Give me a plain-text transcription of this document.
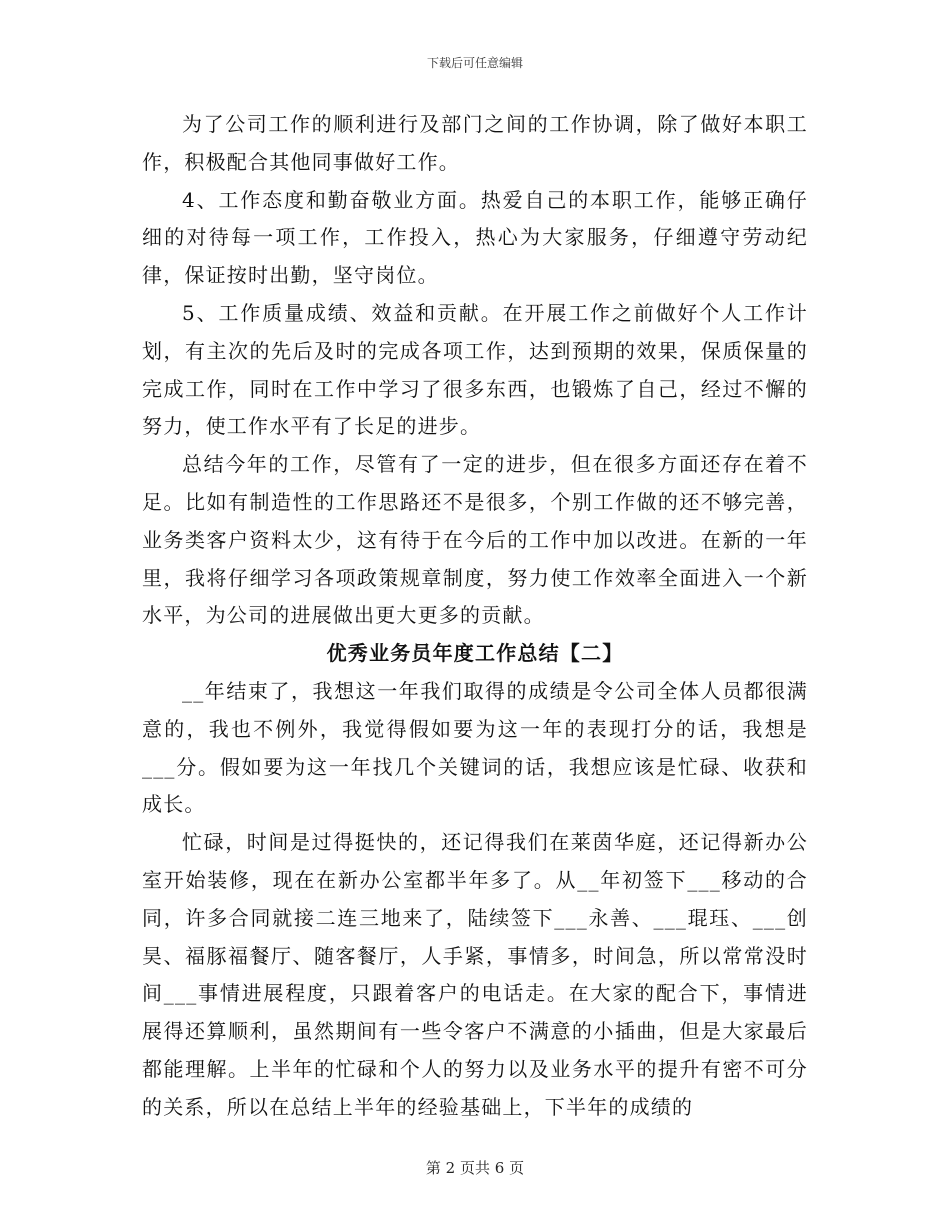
下载后可任意编辑

为了公司工作的顺利进行及部门之间的工作协调，除了做好本职工作，积极配合其他同事做好工作。

4、工作态度和勤奋敬业方面。热爱自己的本职工作，能够正确仔细的对待每一项工作，工作投入，热心为大家服务，仔细遵守劳动纪律，保证按时出勤，坚守岗位。

5、工作质量成绩、效益和贡献。在开展工作之前做好个人工作计划，有主次的先后及时的完成各项工作，达到预期的效果，保质保量的完成工作，同时在工作中学习了很多东西，也锻炼了自己，经过不懈的努力，使工作水平有了长足的进步。

总结今年的工作，尽管有了一定的进步，但在很多方面还存在着不足。比如有制造性的工作思路还不是很多，个别工作做的还不够完善，业务类客户资料太少，这有待于在今后的工作中加以改进。在新的一年里，我将仔细学习各项政策规章制度，努力使工作效率全面进入一个新水平，为公司的进展做出更大更多的贡献。

优秀业务员年度工作总结【二】

__年结束了，我想这一年我们取得的成绩是令公司全体人员都很满意的，我也不例外，我觉得假如要为这一年的表现打分的话，我想是___分。假如要为这一年找几个关键词的话，我想应该是忙碌、收获和成长。

忙碌，时间是过得挺快的，还记得我们在莱茵华庭，还记得新办公室开始装修，现在在新办公室都半年多了。从__年初签下___移动的合同，许多合同就接二连三地来了，陆续签下___永善、___琨珏、___创昊、福豚福餐厅、随客餐厅，人手紧，事情多，时间急，所以常常没时间___事情进展程度，只跟着客户的电话走。在大家的配合下，事情进展得还算顺利，虽然期间有一些令客户不满意的小插曲，但是大家最后都能理解。上半年的忙碌和个人的努力以及业务水平的提升有密不可分的关系，所以在总结上半年的经验基础上，下半年的成绩的

第 2 页共 6 页
